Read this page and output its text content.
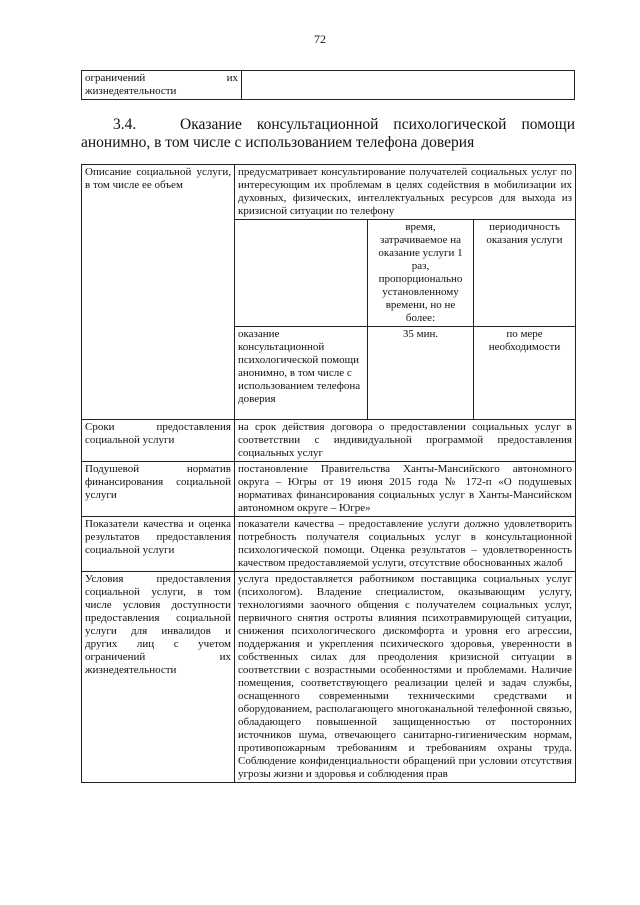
72
ограничений	их
жизнедеятельности

3.4.	Оказание консультационной психологической помощи анонимно, в том числе с использованием телефона доверия
Описание социальной услуги, в том числе ее объем	предусматривает консультирование получателей социальных услуг по интересующим их проблемам в целях содействия в мобилизации их духовных, физических, интеллектуальных ресурсов для выхода из кризисной ситуации по телефону		
		время, затрачиваемое на оказание услуги 1 раз, пропорционально установленному времени, но не более:	периодичность оказания услуги
	оказание консультационной психологической помощи анонимно, в том числе с использованием телефона доверия	35 мин.	по мере необходимости
Сроки предоставления социальной услуги	на срок действия договора о предоставлении социальных услуг в соответствии с индивидуальной программой предоставления социальных услуг		
Подушевой норматив финансирования социальной услуги	постановление Правительства Ханты-Мансийского автономного округа – Югры от 19 июня 2015 года № 172-п «О подушевых нормативах финансирования социальных услуг в Ханты-Мансийском автономном округе – Югре»		
Показатели качества и оценка результатов предоставления социальной услуги	показатели качества – предоставление услуги должно удовлетворить потребность получателя социальных услуг в консультационной психологической помощи. Оценка результатов – удовлетворенность качеством предоставляемой услуги, отсутствие обоснованных жалоб		
Условия предоставления социальной услуги, в том числе условия доступности предоставления социальной услуги для инвалидов и других лиц с учетом ограничений их жизнедеятельности	услуга предоставляется работником поставщика социальных услуг (психологом). Владение специалистом, оказывающим услугу, технологиями заочного общения с получателем социальных услуг, первичного снятия остроты влияния психотравмирующей ситуации, снижения психологического дискомфорта и уровня его агрессии, поддержания и укрепления психического здоровья, уверенности в собственных силах для преодоления кризисной ситуации в соответствии с возрастными особенностями и проблемами. Наличие помещения, соответствующего реализации целей и задач службы, оснащенного современными техническими средствами и оборудованием, располагающего многоканальной телефонной связью, обладающего повышенной защищенностью от посторонних источников шума, отвечающего санитарно-гигиеническим нормам, противопожарным требованиям и требованиям охраны труда. Соблюдение конфиденциальности обращений при условии отсутствия угрозы жизни и здоровья и соблюдения прав		
